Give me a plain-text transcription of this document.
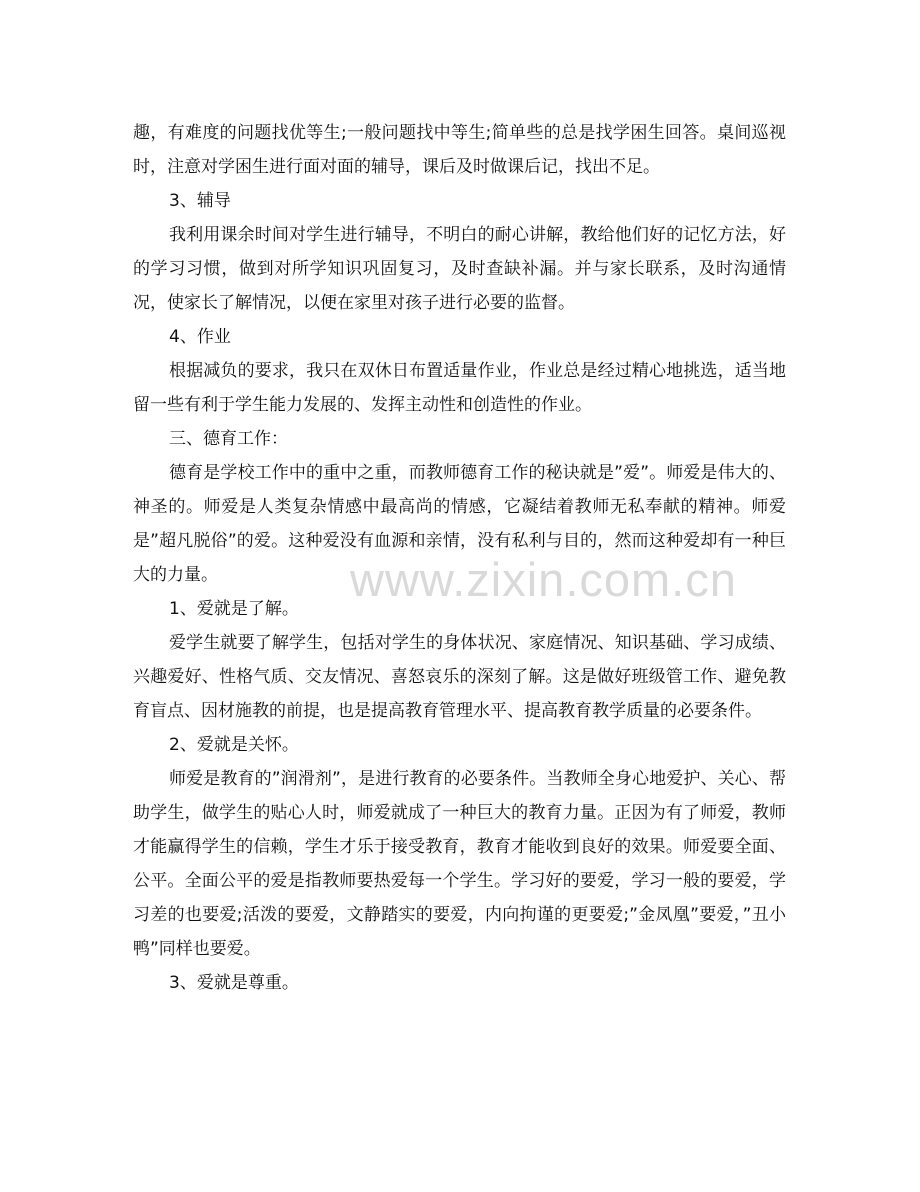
www.zixin.com.cn

趣，有难度的问题找优等生;一般问题找中等生;简单些的总是找学困生回答。桌间巡视时，注意对学困生进行面对面的辅导，课后及时做课后记，找出不足。

3、辅导

我利用课余时间对学生进行辅导，不明白的耐心讲解，教给他们好的记忆方法，好的学习习惯，做到对所学知识巩固复习，及时查缺补漏。并与家长联系，及时沟通情况，使家长了解情况，以便在家里对孩子进行必要的监督。

4、作业

根据减负的要求，我只在双休日布置适量作业，作业总是经过精心地挑选，适当地留一些有利于学生能力发展的、发挥主动性和创造性的作业。

三、德育工作：

德育是学校工作中的重中之重，而教师德育工作的秘诀就是”爱”。师爱是伟大的、神圣的。师爱是人类复杂情感中最高尚的情感，它凝结着教师无私奉献的精神。师爱是”超凡脱俗”的爱。这种爱没有血源和亲情，没有私利与目的，然而这种爱却有一种巨大的力量。

1、爱就是了解。

爱学生就要了解学生，包括对学生的身体状况、家庭情况、知识基础、学习成绩、兴趣爱好、性格气质、交友情况、喜怒哀乐的深刻了解。这是做好班级管工作、避免教育盲点、因材施教的前提，也是提高教育管理水平、提高教育教学质量的必要条件。

2、爱就是关怀。

师爱是教育的”润滑剂”，是进行教育的必要条件。当教师全身心地爱护、关心、帮助学生，做学生的贴心人时，师爱就成了一种巨大的教育力量。正因为有了师爱，教师才能赢得学生的信赖，学生才乐于接受教育，教育才能收到良好的效果。师爱要全面、公平。全面公平的爱是指教师要热爱每一个学生。学习好的要爱，学习一般的要爱，学习差的也要爱;活泼的要爱，文静踏实的要爱，内向拘谨的更要爱;”金凤凰”要爱，”丑小鸭”同样也要爱。

3、爱就是尊重。
